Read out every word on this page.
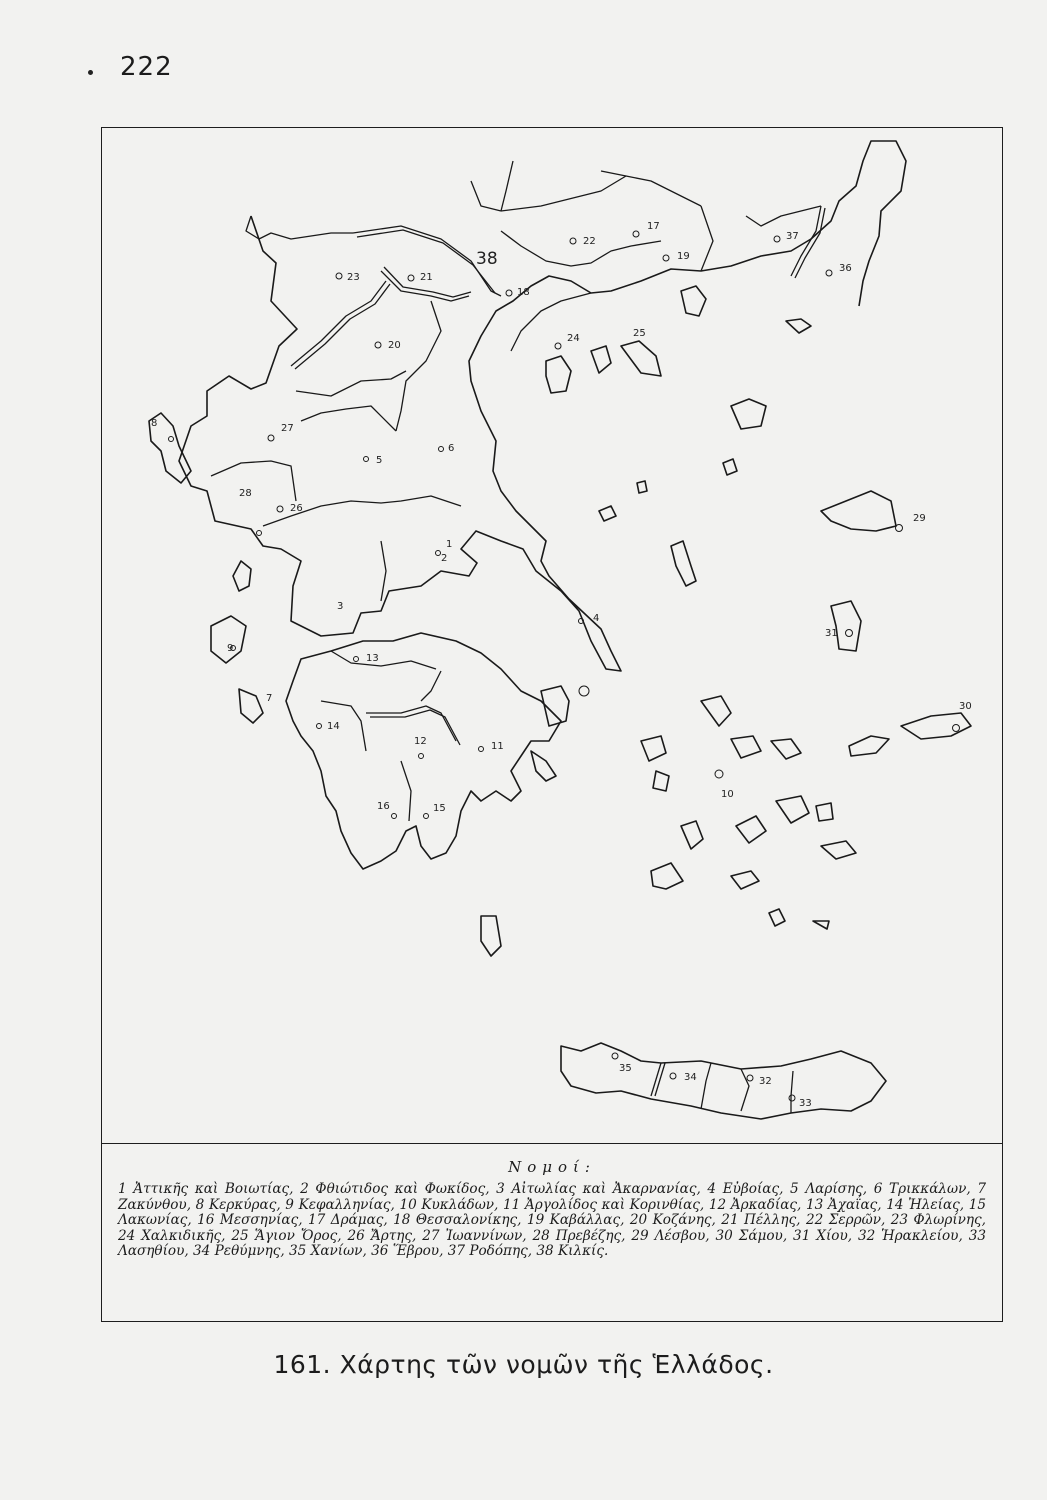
222
1
2
3
4
5
6
7
8
9
10
11
12
13
14
15
16
17
18
19
20
21
22
23
24	25
26
27
28
29
30
31
32
33
34
35
36
37
38
Νομοί:
1 Ἀττικῆς καὶ Βοιωτίας, 2 Φθιώτιδος καὶ Φωκίδος, 3 Αἰτωλίας καὶ Ἀκαρνανίας, 4 Εὐβοίας, 5 Λαρίσης, 6 Τρικκάλων, 7 Ζακύνθου, 8 Κερκύρας, 9 Κεφαλληνίας, 10 Κυκλάδων, 11 Ἀργολίδος καὶ Κορινθίας, 12 Ἀρκαδίας, 13 Ἀχαΐας, 14 Ἠλείας, 15 Λακωνίας, 16 Μεσσηνίας, 17 Δράμας, 18 Θεσσαλονίκης, 19 Καβάλλας, 20 Κοζάνης, 21 Πέλλης, 22 Σερρῶν, 23 Φλωρίνης, 24 Χαλκιδικῆς, 25 Ἅγιον Ὄρος, 26 Ἄρτης, 27 Ἰωαννίνων, 28 Πρεβέζης, 29 Λέσβου, 30 Σάμου, 31 Χίου, 32 Ἡρακλείου, 33 Λασηθίου, 34 Ρεθύμνης, 35 Χανίων, 36 Ἕβρου, 37 Ροδόπης, 38 Κιλκίς.
161. Χάρτης τῶν νομῶν τῆς Ἑλλάδος.
